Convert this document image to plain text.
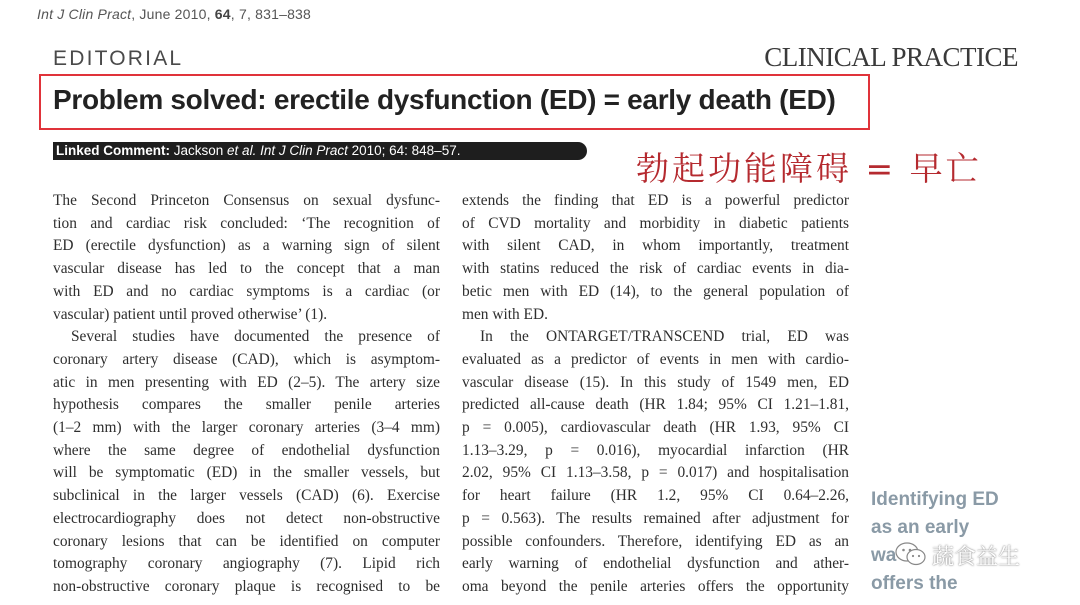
Int J Clin Pract, June 2010, 64, 7, 831–838
EDITORIAL	CLINICAL PRACTICE
Problem solved: erectile dysfunction (ED) = early death (ED)
Linked Comment: Jackson et al. Int J Clin Pract 2010; 64: 848–57.	勃起功能障碍 = 早亡
The Second Princeton Consensus on sexual dysfunc-
tion and cardiac risk concluded: ‘The recognition of
ED (erectile dysfunction) as a warning sign of silent
vascular disease has led to the concept that a man
with ED and no cardiac symptoms is a cardiac (or
vascular) patient until proved otherwise’ (1).
Several studies have documented the presence of
coronary artery disease (CAD), which is asymptom-
atic in men presenting with ED (2–5). The artery size
hypothesis compares the smaller penile arteries
(1–2 mm) with the larger coronary arteries (3–4 mm)
where the same degree of endothelial dysfunction
will be symptomatic (ED) in the smaller vessels, but
subclinical in the larger vessels (CAD) (6). Exercise
electrocardiography does not detect non-obstructive
coronary lesions that can be identified on computer
tomography coronary angiography (7). Lipid rich
non-obstructive coronary plaque is recognised to be
extends the finding that ED is a powerful predictor
of CVD mortality and morbidity in diabetic patients
with silent CAD, in whom importantly, treatment
with statins reduced the risk of cardiac events in dia-
betic men with ED (14), to the general population of
men with ED.
In the ONTARGET/TRANSCEND trial, ED was
evaluated as a predictor of events in men with cardio-
vascular disease (15). In this study of 1549 men, ED
predicted all-cause death (HR 1.84; 95% CI 1.21–1.81,
p = 0.005), cardiovascular death (HR 1.93, 95% CI
1.13–3.29, p = 0.016), myocardial infarction (HR
2.02, 95% CI 1.13–3.58, p = 0.017) and hospitalisation
for heart failure (HR 1.2, 95% CI 0.64–2.26,
p = 0.563). The results remained after adjustment for
possible confounders. Therefore, identifying ED as an
early warning of endothelial dysfunction and ather-
oma beyond the penile arteries offers the opportunity
Identifying ED
as an early
wa
offers the
蔬食益生
